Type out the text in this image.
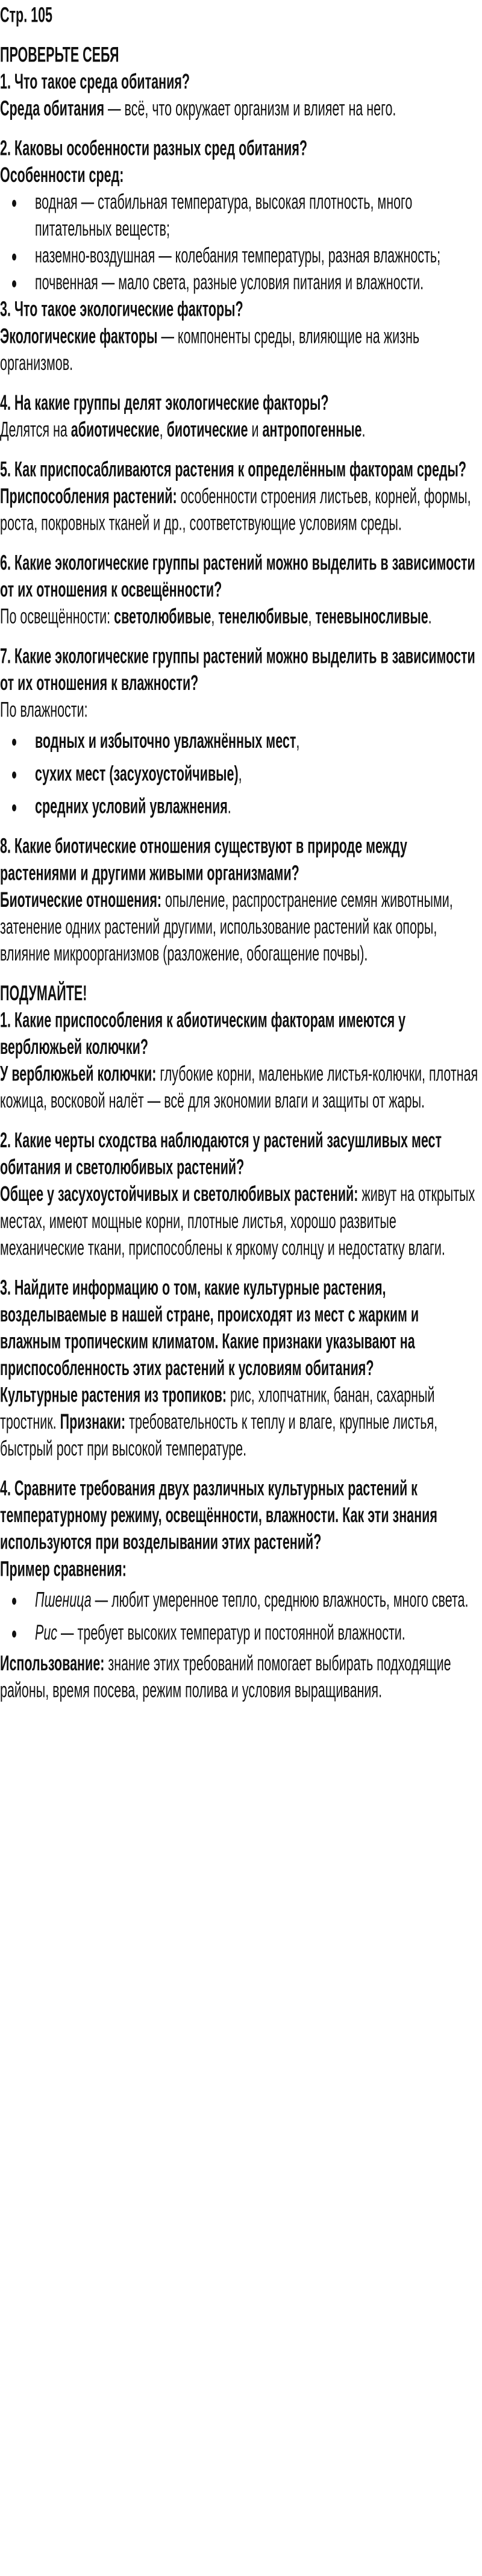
Стр. 105

ПРОВЕРЬТЕ СЕБЯ

1. Что такое среда обитания?

Среда обитания — всё, что окружает организм и влияет на него.

2. Каковы особенности разных сред обитания?

Особенности сред:

водная — стабильная температура, высокая плотность, много питательных веществ;
наземно-воздушная — колебания температуры, разная влажность;
почвенная — мало света, разные условия питания и влажности.

3. Что такое экологические факторы?

Экологические факторы — компоненты среды, влияющие на жизнь организмов.

4. На какие группы делят экологические факторы?

Делятся на абиотические, биотические и антропогенные.

5. Как приспосабливаются растения к определённым факторам среды?

Приспособления растений: особенности строения листьев, корней, формы, роста, покровных тканей и др., соответствующие условиям среды.

6. Какие экологические группы растений можно выделить в зависимости от их отношения к освещённости?

По освещённости: светолюбивые, тенелюбивые, теневыносливые.

7. Какие экологические группы растений можно выделить в зависимости от их отношения к влажности?

По влажности:

водных и избыточно увлажнённых мест,
сухих мест (засухоустойчивые),
средних условий увлажнения.

8. Какие биотические отношения существуют в природе между растениями и другими живыми организмами?

Биотические отношения: опыление, распространение семян животными, затенение одних растений другими, использование растений как опоры, влияние микроорганизмов (разложение, обогащение почвы).

ПОДУМАЙТЕ!

1. Какие приспособления к абиотическим факторам имеются у верблюжьей колючки?

У верблюжьей колючки: глубокие корни, маленькие листья-колючки, плотная кожица, восковой налёт — всё для экономии влаги и защиты от жары.

2. Какие черты сходства наблюдаются у растений засушливых мест обитания и светолюбивых растений?

Общее у засухоустойчивых и светолюбивых растений: живут на открытых местах, имеют мощные корни, плотные листья, хорошо развитые механические ткани, приспособлены к яркому солнцу и недостатку влаги.

3. Найдите информацию о том, какие культурные растения, возделываемые в нашей стране, происходят из мест с жарким и влажным тропическим климатом. Какие признаки указывают на приспособленность этих растений к условиям обитания?

Культурные растения из тропиков: рис, хлопчатник, банан, сахарный тростник. Признаки: требовательность к теплу и влаге, крупные листья, быстрый рост при высокой температуре.

4. Сравните требования двух различных культурных растений к температурному режиму, освещённости, влажности. Как эти знания используются при возделывании этих растений?

Пример сравнения:

Пшеница — любит умеренное тепло, среднюю влажность, много света.
Рис — требует высоких температур и постоянной влажности.

Использование: знание этих требований помогает выбирать подходящие районы, время посева, режим полива и условия выращивания.
